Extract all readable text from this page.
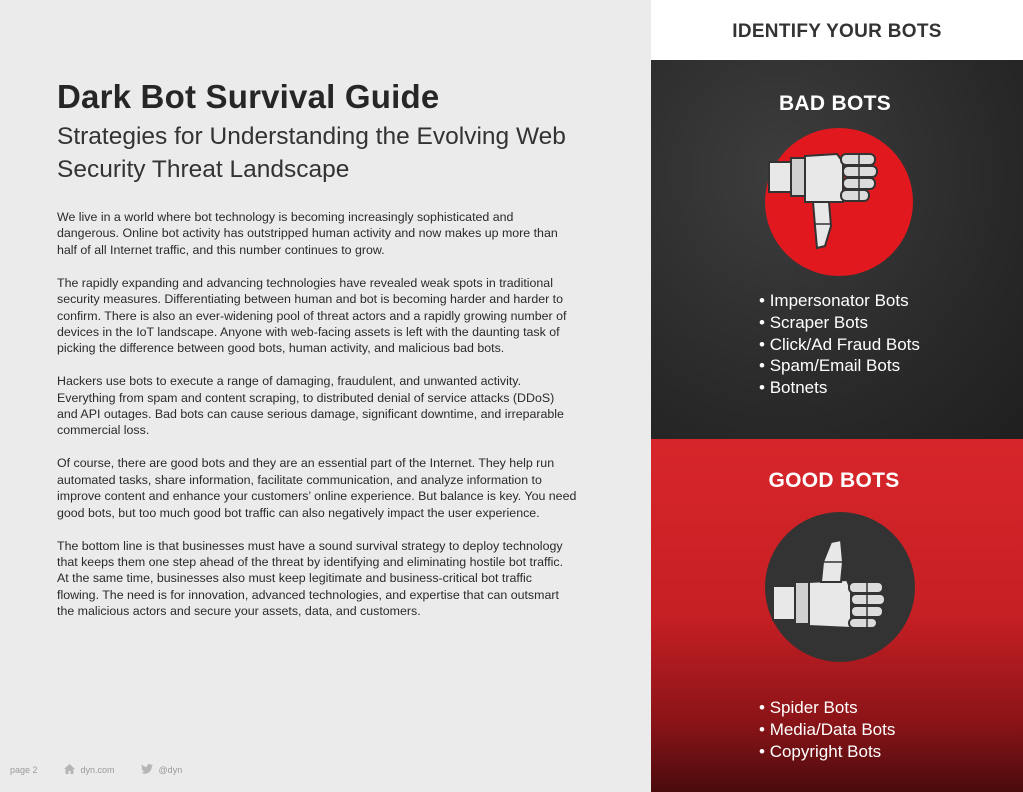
Dark Bot Survival Guide
Strategies for Understanding the Evolving Web Security Threat Landscape

We live in a world where bot technology is becoming increasingly sophisticated and dangerous. Online bot activity has outstripped human activity and now makes up more than half of all Internet traffic, and this number continues to grow.

The rapidly expanding and advancing technologies have revealed weak spots in traditional security measures. Differentiating between human and bot is becoming harder and harder to confirm. There is also an ever-widening pool of threat actors and a rapidly growing number of devices in the IoT landscape. Anyone with web-facing assets is left with the daunting task of picking the difference between good bots, human activity, and malicious bad bots.

Hackers use bots to execute a range of damaging, fraudulent, and unwanted activity. Everything from spam and content scraping, to distributed denial of service attacks (DDoS) and API outages. Bad bots can cause serious damage, significant downtime, and irreparable commercial loss.

Of course, there are good bots and they are an essential part of the Internet. They help run automated tasks, share information, facilitate communication, and analyze information to improve content and enhance your customers’ online experience. But balance is key. You need good bots, but too much good bot traffic can also negatively impact the user experience.

The bottom line is that businesses must have a sound survival strategy to deploy technology that keeps them one step ahead of the threat by identifying and eliminating hostile bot traffic. At the same time, businesses also must keep legitimate and business-critical bot traffic flowing. The need is for innovation, advanced technologies, and expertise that can outsmart the malicious actors and secure your assets, data, and customers.

page 2	dyn.com	@dyn
IDENTIFY YOUR BOTS
BAD BOTS
• Impersonator Bots
• Scraper Bots
• Click/Ad Fraud Bots
• Spam/Email Bots
• Botnets
GOOD BOTS
• Spider Bots
• Media/Data Bots
• Copyright Bots
